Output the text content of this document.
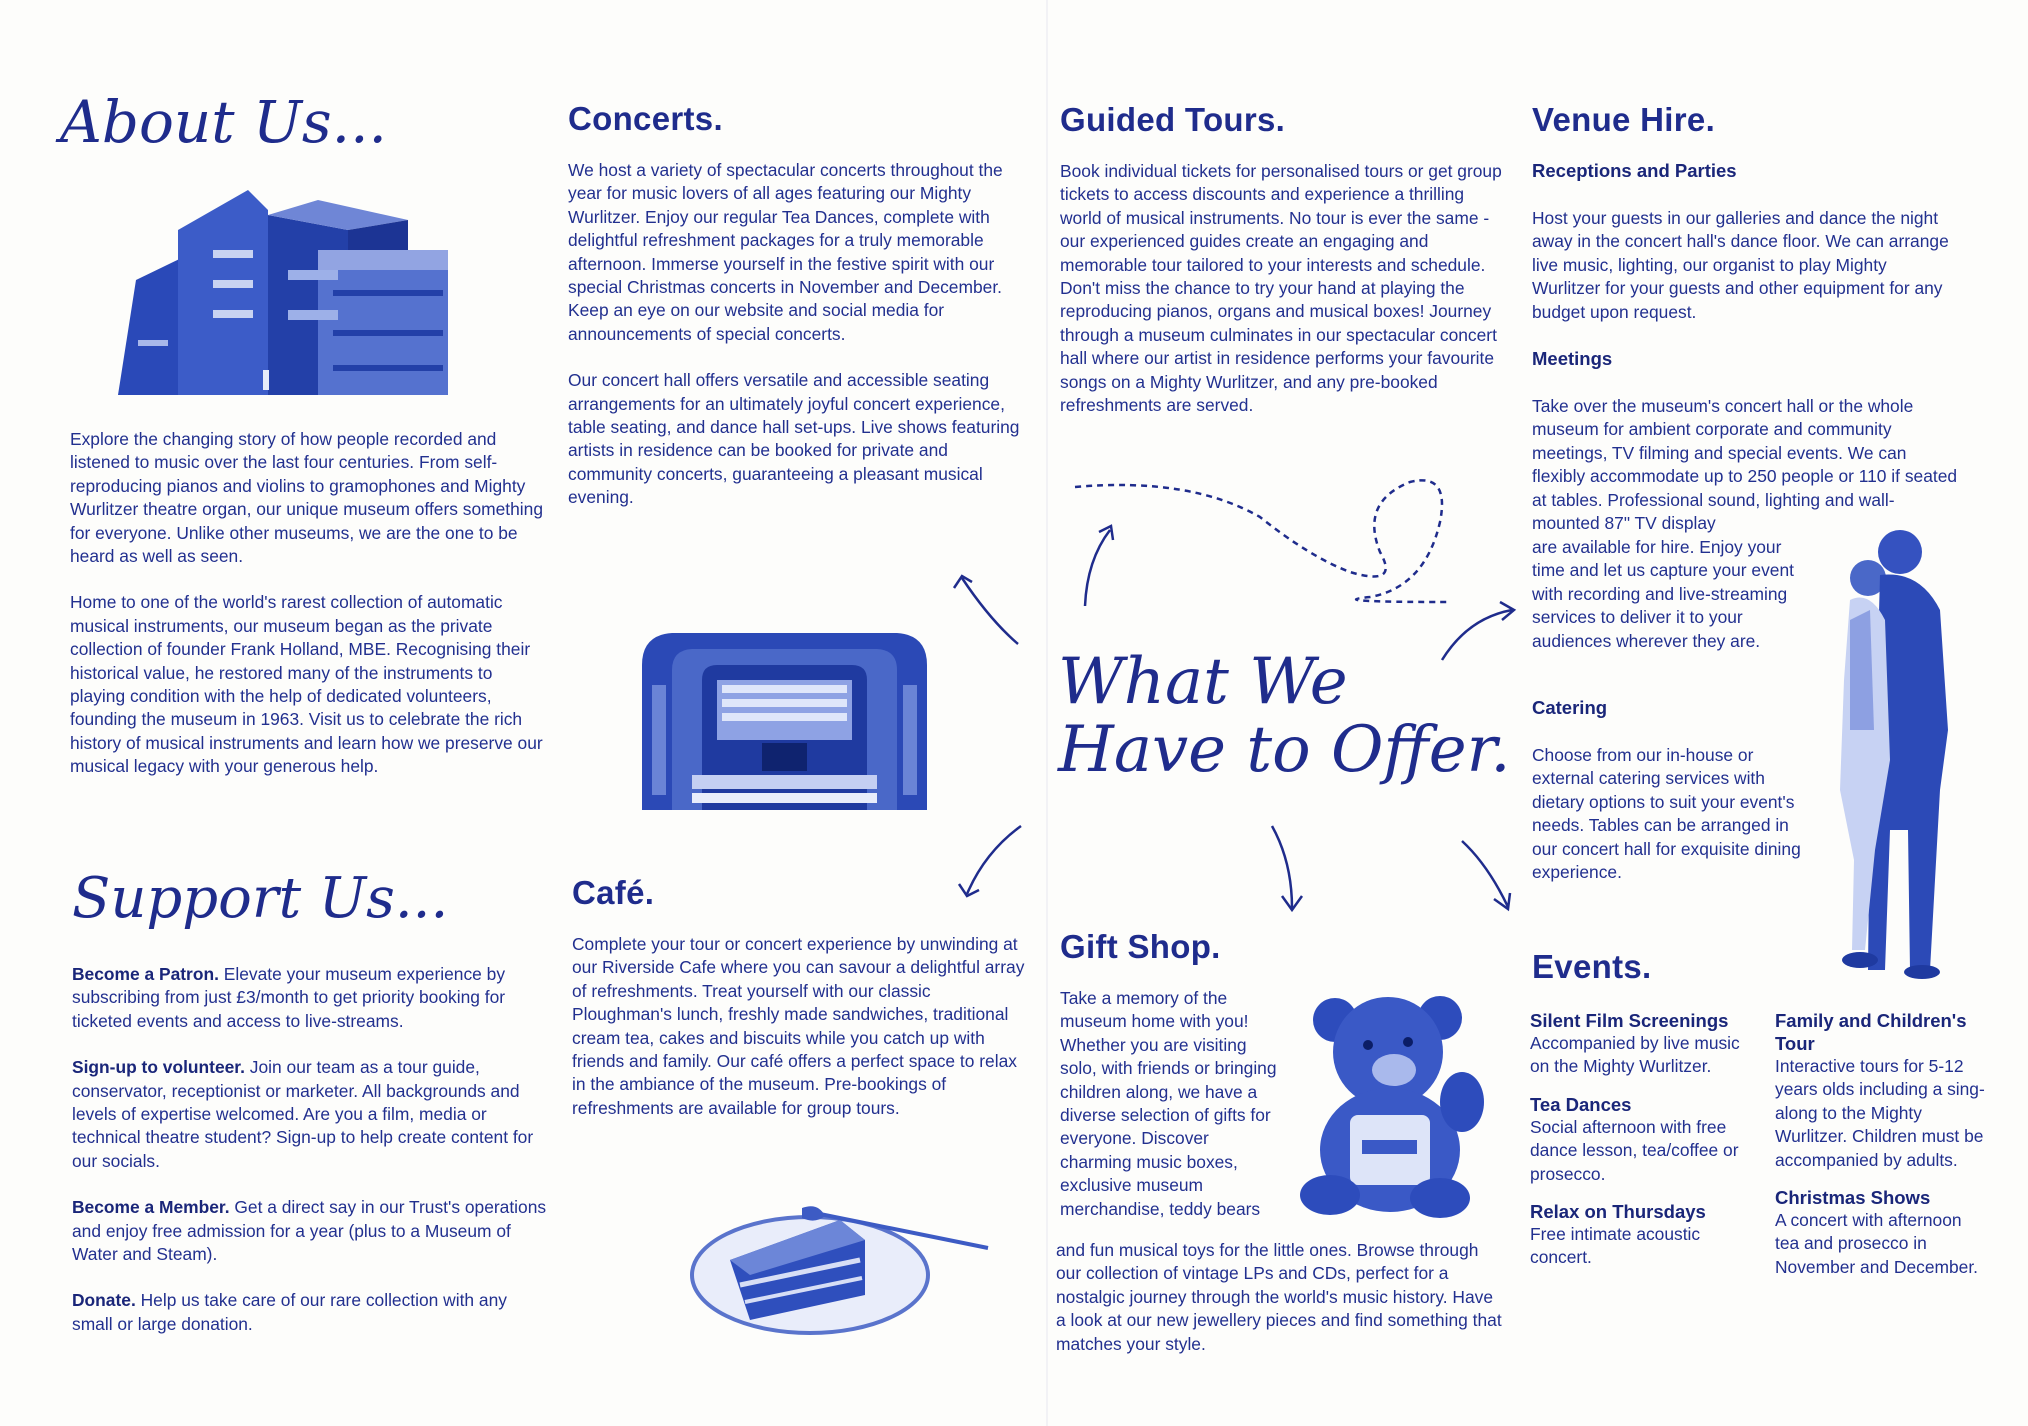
About Us...

Explore the changing story of how people recorded and listened to music over the last four centuries. From self-reproducing pianos and violins to gramophones and Mighty Wurlitzer theatre organ, our unique museum offers something for everyone. Unlike other museums, we are the one to be heard as well as seen.

Home to one of the world's rarest collection of automatic musical instruments, our museum began as the private collection of founder Frank Holland, MBE. Recognising their historical value, he restored many of the instruments to playing condition with the help of dedicated volunteers, founding the museum in 1963. Visit us to celebrate the rich history of musical instruments and learn how we preserve our musical legacy with your generous help.

Support Us...

Become a Patron. Elevate your museum experience by subscribing from just £3/month to get priority booking for ticketed events and access to live-streams.

Sign-up to volunteer. Join our team as a tour guide, conservator, receptionist or marketer. All backgrounds and levels of expertise welcomed. Are you a film, media or technical theatre student? Sign-up to help create content for our socials.

Become a Member. Get a direct say in our Trust's operations and enjoy free admission for a year (plus to a Museum of Water and Steam).

Donate. Help us take care of our rare collection with any small or large donation.

Concerts.

We host a variety of spectacular concerts throughout the year for music lovers of all ages featuring our Mighty Wurlitzer. Enjoy our regular Tea Dances, complete with delightful refreshment packages for a truly memorable afternoon. Immerse yourself in the festive spirit with our special Christmas concerts in November and December. Keep an eye on our website and social media for announcements of special concerts.

Our concert hall offers versatile and accessible seating arrangements for an ultimately joyful concert experience, table seating, and dance hall set-ups. Live shows featuring artists in residence can be booked for private and community concerts, guaranteeing a pleasant musical evening.

Café.

Complete your tour or concert experience by unwinding at our Riverside Cafe where you can savour a delightful array of refreshments. Treat yourself with our classic Ploughman's lunch, freshly made sandwiches, traditional cream tea, cakes and biscuits while you catch up with friends and family. Our café offers a perfect space to relax in the ambiance of the museum. Pre-bookings of refreshments are available for group tours.

Guided Tours.

Book individual tickets for personalised tours or get group tickets to access discounts and experience a thrilling world of musical instruments. No tour is ever the same - our experienced guides create an engaging and memorable tour tailored to your interests and schedule. Don't miss the chance to try your hand at playing the reproducing pianos, organs and musical boxes! Journey through a museum culminates in our spectacular concert hall where our artist in residence performs your favourite songs on a Mighty Wurlitzer, and any pre-booked refreshments are served.

What We
Have to Offer.
Gift Shop.

Take a memory of the museum home with you! Whether you are visiting solo, with friends or bringing children along, we have a diverse selection of gifts for everyone. Discover charming music boxes, exclusive museum merchandise, teddy bears

and fun musical toys for the little ones. Browse through our collection of vintage LPs and CDs, perfect for a nostalgic journey through the world's music history. Have a look at our new jewellery pieces and find something that matches your style.

Venue Hire.
Receptions and Parties
Host your guests in our galleries and dance the night away in the concert hall's dance floor. We can arrange live music, lighting, our organist to play Mighty Wurlitzer for your guests and other equipment for any budget upon request.
Meetings
Take over the museum's concert hall or the whole museum for ambient corporate and community meetings, TV filming and special events. We can flexibly accommodate up to 250 people or 110 if seated at tables. Professional sound, lighting and wall-mounted 87" TV display
are available for hire. Enjoy your time and let us capture your event with recording and live-streaming services to deliver it to your audiences wherever they are.
Catering
Choose from our in-house or external catering services with dietary options to suit your event's needs. Tables can be arranged in our concert hall for exquisite dining experience.
Events.
Silent Film Screenings
Accompanied by live music on the Mighty Wurlitzer.
Tea Dances
Social afternoon with free dance lesson, tea/coffee or prosecco.
Relax on Thursdays
Free intimate acoustic concert.
Family and Children's Tour
Interactive tours for 5-12 years olds including a sing-along to the Mighty Wurlitzer. Children must be accompanied by adults.
Christmas Shows
A concert with afternoon tea and prosecco in November and December.
